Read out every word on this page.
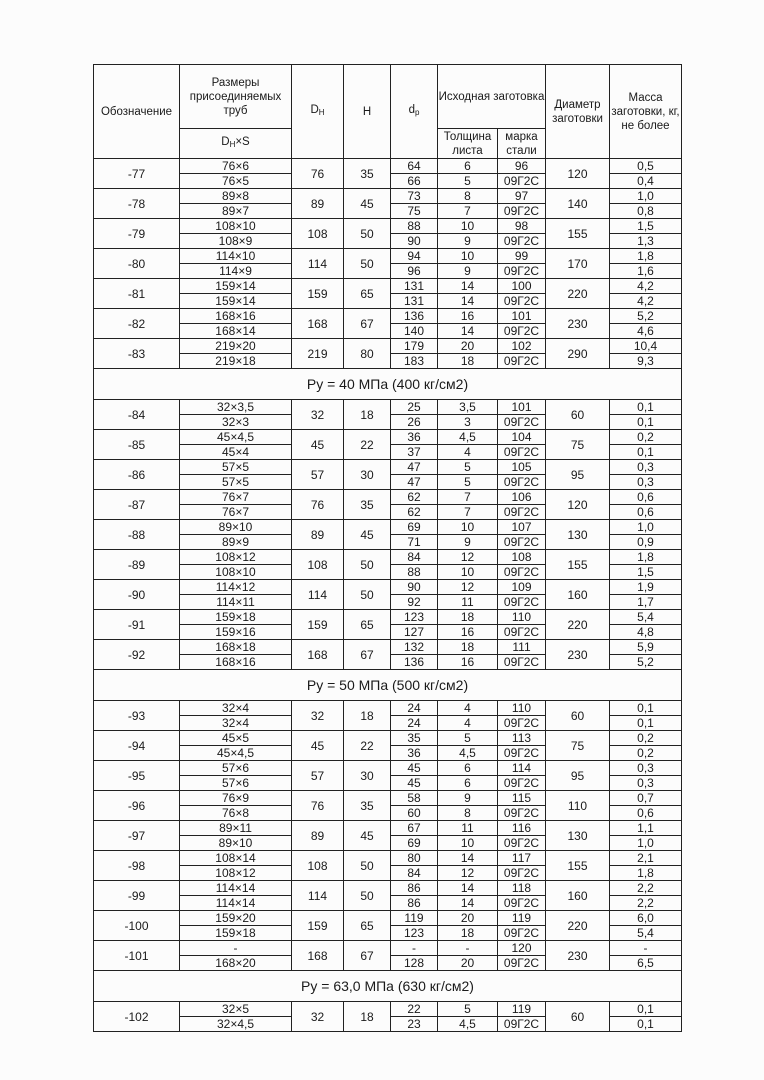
Обозначение	Размеры присоединяемых труб	$D_Н$	H	$d_р$	Исходная заготовка		Диаметр заготовки	Масса заготовки, кг, не более
	$D_Н\times S$				Толщина листа	марка стали		
-77	76×6	76	35	64	6	96	120	0,5
	76×5			66	5	09Г2С		0,4
-78	89×8	89	45	73	8	97	140	1,0
	89×7			75	7	09Г2С		0,8
-79	108×10	108	50	88	10	98	155	1,5
	108×9			90	9	09Г2С		1,3
-80	114×10	114	50	94	10	99	170	1,8
	114×9			96	9	09Г2С		1,6
-81	159×14	159	65	131	14	100	220	4,2
	159×14			131	14	09Г2С		4,2
-82	168×16	168	67	136	16	101	230	5,2
	168×14			140	14	09Г2С		4,6
-83	219×20	219	80	179	20	102	290	10,4
	219×18			183	18	09Г2С		9,3
Ру = 40 МПа (400 кг/см2)								
-84	32×3,5	32	18	25	3,5	101	60	0,1
	32×3			26	3	09Г2С		0,1
-85	45×4,5	45	22	36	4,5	104	75	0,2
	45×4			37	4	09Г2С		0,1
-86	57×5	57	30	47	5	105	95	0,3
	57×5			47	5	09Г2С		0,3
-87	76×7	76	35	62	7	106	120	0,6
	76×7			62	7	09Г2С		0,6
-88	89×10	89	45	69	10	107	130	1,0
	89×9			71	9	09Г2С		0,9
-89	108×12	108	50	84	12	108	155	1,8
	108×10			88	10	09Г2С		1,5
-90	114×12	114	50	90	12	109	160	1,9
	114×11			92	11	09Г2С		1,7
-91	159×18	159	65	123	18	110	220	5,4
	159×16			127	16	09Г2С		4,8
-92	168×18	168	67	132	18	111	230	5,9
	168×16			136	16	09Г2С		5,2
Ру = 50 МПа (500 кг/см2)								
-93	32×4	32	18	24	4	110	60	0,1
	32×4			24	4	09Г2С		0,1
-94	45×5	45	22	35	5	113	75	0,2
	45×4,5			36	4,5	09Г2С		0,2
-95	57×6	57	30	45	6	114	95	0,3
	57×6			45	6	09Г2С		0,3
-96	76×9	76	35	58	9	115	110	0,7
	76×8			60	8	09Г2С		0,6
-97	89×11	89	45	67	11	116	130	1,1
	89×10			69	10	09Г2С		1,0
-98	108×14	108	50	80	14	117	155	2,1
	108×12			84	12	09Г2С		1,8
-99	114×14	114	50	86	14	118	160	2,2
	114×14			86	14	09Г2С		2,2
-100	159×20	159	65	119	20	119	220	6,0
	159×18			123	18	09Г2С		5,4
-101	-	168	67	-	-	120	230	-
	168×20			128	20	09Г2С		6,5
Ру = 63,0 МПа (630 кг/см2)								
-102	32×5	32	18	22	5	119	60	0,1
	32×4,5			23	4,5	09Г2С		0,1
